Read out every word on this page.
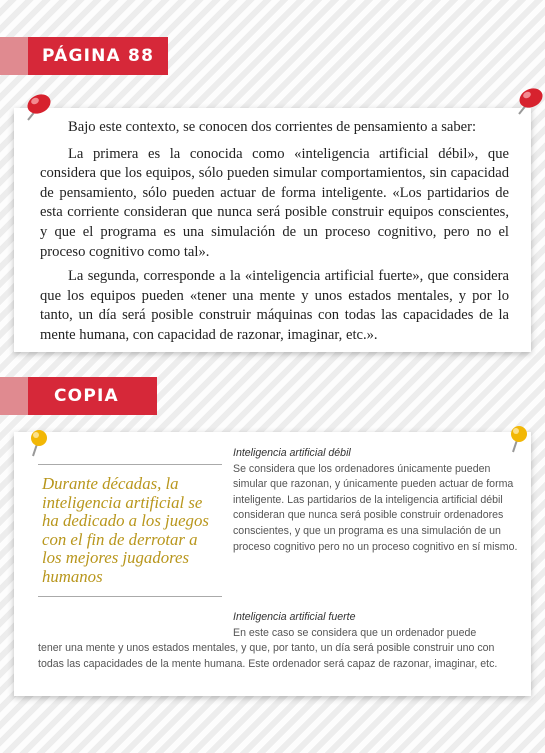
PÁGINA 88

Bajo este contexto, se conocen dos corrientes de pensamiento a saber:

La primera es la conocida como «inteligencia artificial débil», que considera que los equipos, sólo pueden simular comportamientos, sin capacidad de pensamiento, sólo pueden actuar de forma inteligente. «Los partidarios de esta corriente consideran que nunca será posible construir equipos conscientes, y que el programa es una simulación de un proceso cognitivo, pero no el proceso cognitivo como tal».

La segunda, corresponde a la «inteligencia artificial fuerte», que considera que los equipos pueden «tener una mente y unos estados mentales, y por lo tanto, un día será posible construir máquinas con todas las capacidades de la mente humana, con capacidad de razonar, imaginar, etc.».

COPIA
Durante décadas, la inteligencia artificial se ha dedicado a los juegos con el fin de derrotar a los mejores jugadores humanos
Inteligencia artificial débil
Se considera que los ordenadores únicamente pueden simular que razonan, y únicamente pueden actuar de forma inteligente. Las partidarios de la inteligencia artificial débil consideran que nunca será posible construir ordenadores conscientes, y que un programa es una simulación de un proceso cognitivo pero no un proceso cognitivo en sí mismo.
Inteligencia artificial fuerte
En este caso se considera que un ordenador puede
tener una mente y unos estados mentales, y que, por tanto, un día será posible construir uno con todas las capacidades de la mente humana. Este ordenador será capaz de razonar, imaginar, etc.
